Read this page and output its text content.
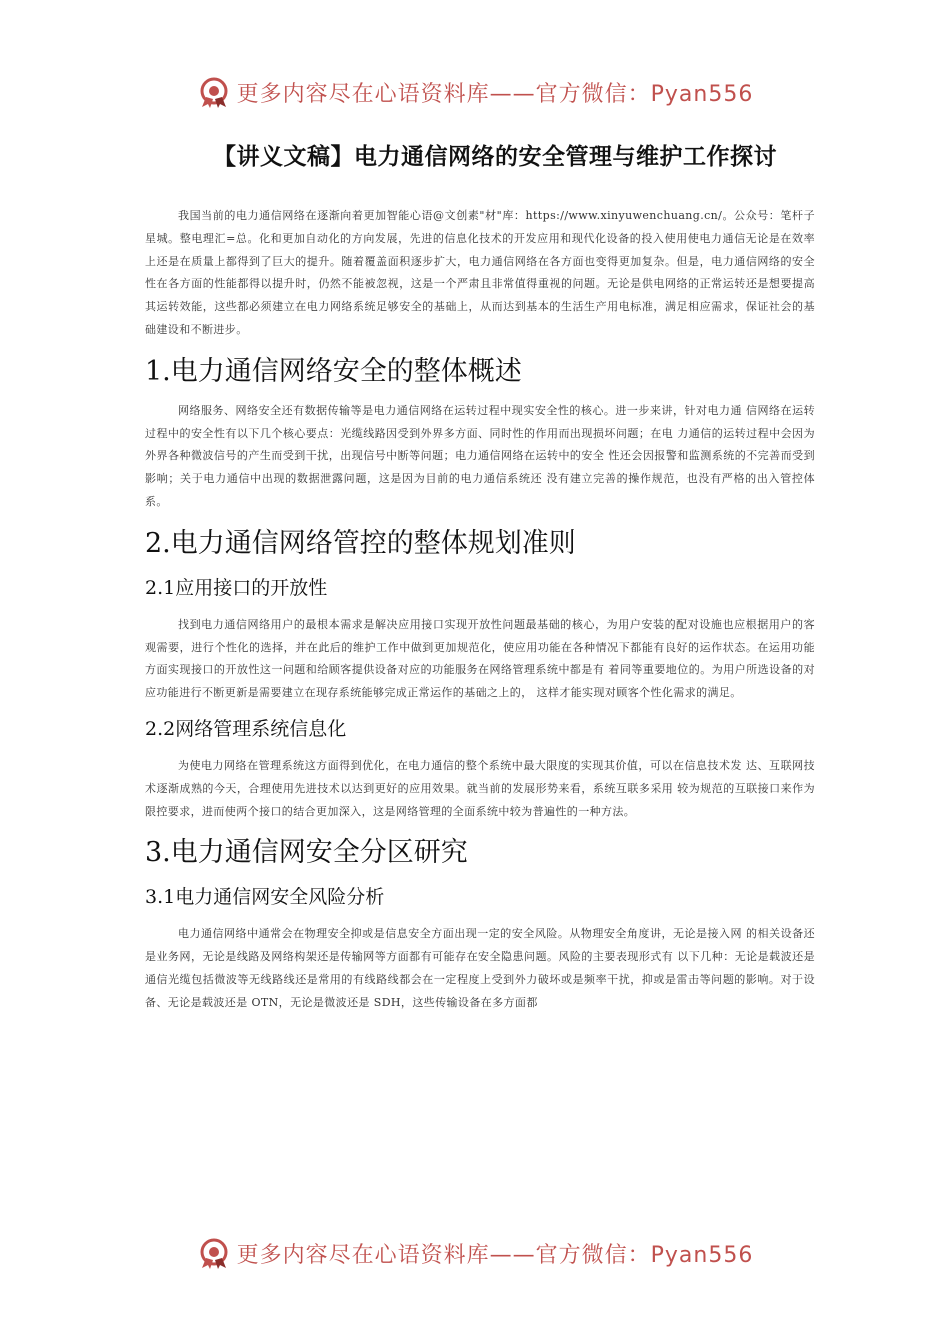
更多内容尽在心语资料库——官方微信：Pyan556
【讲义文稿】电力通信网络的安全管理与维护工作探讨

我国当前的电力通信网络在逐渐向着更加智能心语@文创素"材"库：https://www.xinyuwenchuang.cn/。公众号：笔杆子星城。整电理汇=总。化和更加自动化的方向发展，先进的信息化技术的开发应用和现代化设备的投入使用使电力通信无论是在效率上还是在质量上都得到了巨大的提升。随着覆盖面积逐步扩大，电力通信网络在各方面也变得更加复杂。但是，电力通信网络的安全性在各方面的性能都得以提升时，仍然不能被忽视，这是一个严肃且非常值得重视的问题。无论是供电网络的正常运转还是想要提高其运转效能，这些都必须建立在电力网络系统足够安全的基础上，从而达到基本的生活生产用电标准，满足相应需求，保证社会的基础建设和不断进步。

1.电力通信网络安全的整体概述

网络服务、网络安全还有数据传输等是电力通信网络在运转过程中现实安全性的核心。进一步来讲，针对电力通 信网络在运转过程中的安全性有以下几个核心要点：光缆线路因受到外界多方面、同时性的作用而出现损坏问题；在电 力通信的运转过程中会因为外界各种微波信号的产生而受到干扰，出现信号中断等问题；电力通信网络在运转中的安全 性还会因报警和监测系统的不完善而受到影响；关于电力通信中出现的数据泄露问题，这是因为目前的电力通信系统还 没有建立完善的操作规范，也没有严格的出入管控体系。

2.电力通信网络管控的整体规划准则
2.1应用接口的开放性

找到电力通信网络用户的最根本需求是解决应用接口实现开放性问题最基础的核心，为用户安装的配对设施也应根据用户的客观需要，进行个性化的选择，并在此后的维护工作中做到更加规范化，使应用功能在各种情况下都能有良好的运作状态。在运用功能方面实现接口的开放性这一问题和给顾客提供设备对应的功能服务在网络管理系统中都是有 着同等重要地位的。为用户所选设备的对应功能进行不断更新是需要建立在现存系统能够完成正常运作的基础之上的， 这样才能实现对顾客个性化需求的满足。

2.2网络管理系统信息化

为使电力网络在管理系统这方面得到优化，在电力通信的整个系统中最大限度的实现其价值，可以在信息技术发 达、互联网技术逐渐成熟的今天，合理使用先进技术以达到更好的应用效果。就当前的发展形势来看，系统互联多采用 较为规范的互联接口来作为限控要求，进而使两个接口的结合更加深入，这是网络管理的全面系统中较为普遍性的一种方法。

3.电力通信网安全分区研究
3.1电力通信网安全风险分析

电力通信网络中通常会在物理安全抑或是信息安全方面出现一定的安全风险。从物理安全角度讲，无论是接入网 的相关设备还是业务网，无论是线路及网络构架还是传输网等方面都有可能存在安全隐患问题。风险的主要表现形式有 以下几种：无论是载波还是通信光缆包括微波等无线路线还是常用的有线路线都会在一定程度上受到外力破坏或是频率干扰，抑或是雷击等问题的影响。对于设备、无论是载波还是 OTN，无论是微波还是 SDH，这些传输设备在多方面都

更多内容尽在心语资料库——官方微信：Pyan556
